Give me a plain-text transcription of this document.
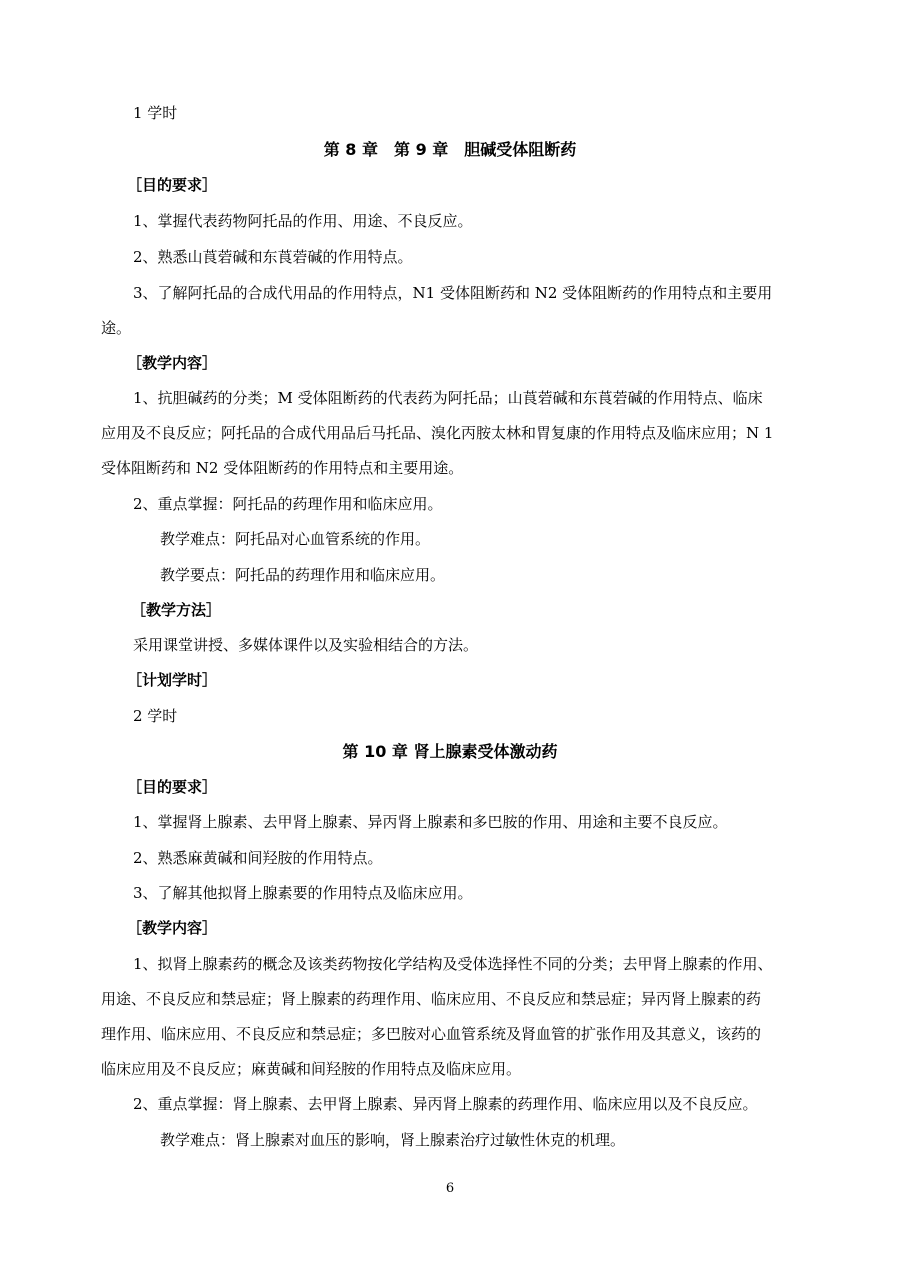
1 学时
第 8 章　第 9 章　胆碱受体阻断药
［目的要求］
1、掌握代表药物阿托品的作用、用途、不良反应。
2、熟悉山莨菪碱和东莨菪碱的作用特点。
3、了解阿托品的合成代用品的作用特点，N1 受体阻断药和 N2 受体阻断药的作用特点和主要用
途。
［教学内容］
1、抗胆碱药的分类；M 受体阻断药的代表药为阿托品；山莨菪碱和东莨菪碱的作用特点、临床
应用及不良反应；阿托品的合成代用品后马托品、溴化丙胺太林和胃复康的作用特点及临床应用；N 1
受体阻断药和 N2 受体阻断药的作用特点和主要用途。
2、重点掌握：阿托品的药理作用和临床应用。
教学难点：阿托品对心血管系统的作用。
教学要点：阿托品的药理作用和临床应用。
［教学方法］
采用课堂讲授、多媒体课件以及实验相结合的方法。
［计划学时］
2 学时
第 10 章 肾上腺素受体激动药
［目的要求］
1、掌握肾上腺素、去甲肾上腺素、异丙肾上腺素和多巴胺的作用、用途和主要不良反应。
2、熟悉麻黄碱和间羟胺的作用特点。
3、了解其他拟肾上腺素要的作用特点及临床应用。
［教学内容］
1、拟肾上腺素药的概念及该类药物按化学结构及受体选择性不同的分类；去甲肾上腺素的作用、
用途、不良反应和禁忌症；肾上腺素的药理作用、临床应用、不良反应和禁忌症；异丙肾上腺素的药
理作用、临床应用、不良反应和禁忌症；多巴胺对心血管系统及肾血管的扩张作用及其意义，该药的
临床应用及不良反应；麻黄碱和间羟胺的作用特点及临床应用。
2、重点掌握：肾上腺素、去甲肾上腺素、异丙肾上腺素的药理作用、临床应用以及不良反应。
教学难点：肾上腺素对血压的影响，肾上腺素治疗过敏性休克的机理。
6
